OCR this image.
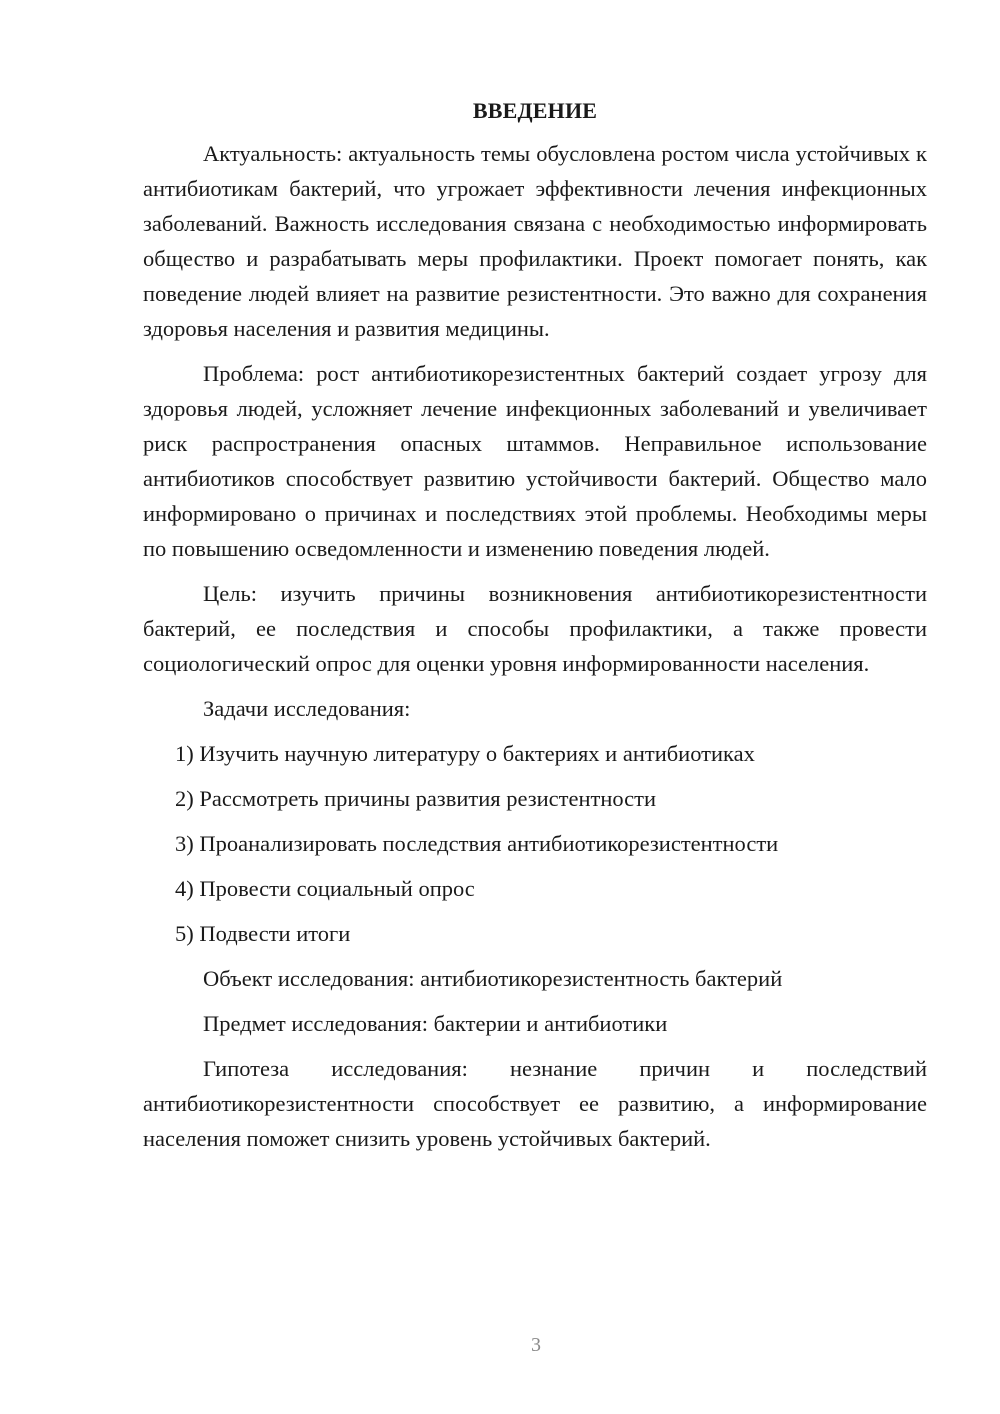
ВВЕДЕНИЕ

Актуальность: актуальность темы обусловлена ростом числа устойчивых к антибиотикам бактерий, что угрожает эффективности лечения инфекционных заболеваний. Важность исследования связана с необходимостью информировать общество и разрабатывать меры профилактики. Проект помогает понять, как поведение людей влияет на развитие резистентности. Это важно для сохранения здоровья населения и развития медицины.

Проблема: рост антибиотикорезистентных бактерий создает угрозу для здоровья людей, усложняет лечение инфекционных заболеваний и увеличивает риск распространения опасных штаммов. Неправильное использование антибиотиков способствует развитию устойчивости бактерий. Общество мало информировано о причинах и последствиях этой проблемы. Необходимы меры по повышению осведомленности и изменению поведения людей.

Цель: изучить причины возникновения антибиотикорезистентности бактерий, ее последствия и способы профилактики, а также провести социологический опрос для оценки уровня информированности населения.

Задачи исследования:
1) Изучить научную литературу о бактериях и антибиотиках
2) Рассмотреть причины развития резистентности
3) Проанализировать последствия антибиотикорезистентности
4) Провести социальный опрос
5) Подвести итоги
Объект исследования: антибиотикорезистентность бактерий
Предмет исследования: бактерии и антибиотики

Гипотеза исследования: незнание причин и последствий антибиотикорезистентности способствует ее развитию, а информирование населения поможет снизить уровень устойчивых бактерий.

3
